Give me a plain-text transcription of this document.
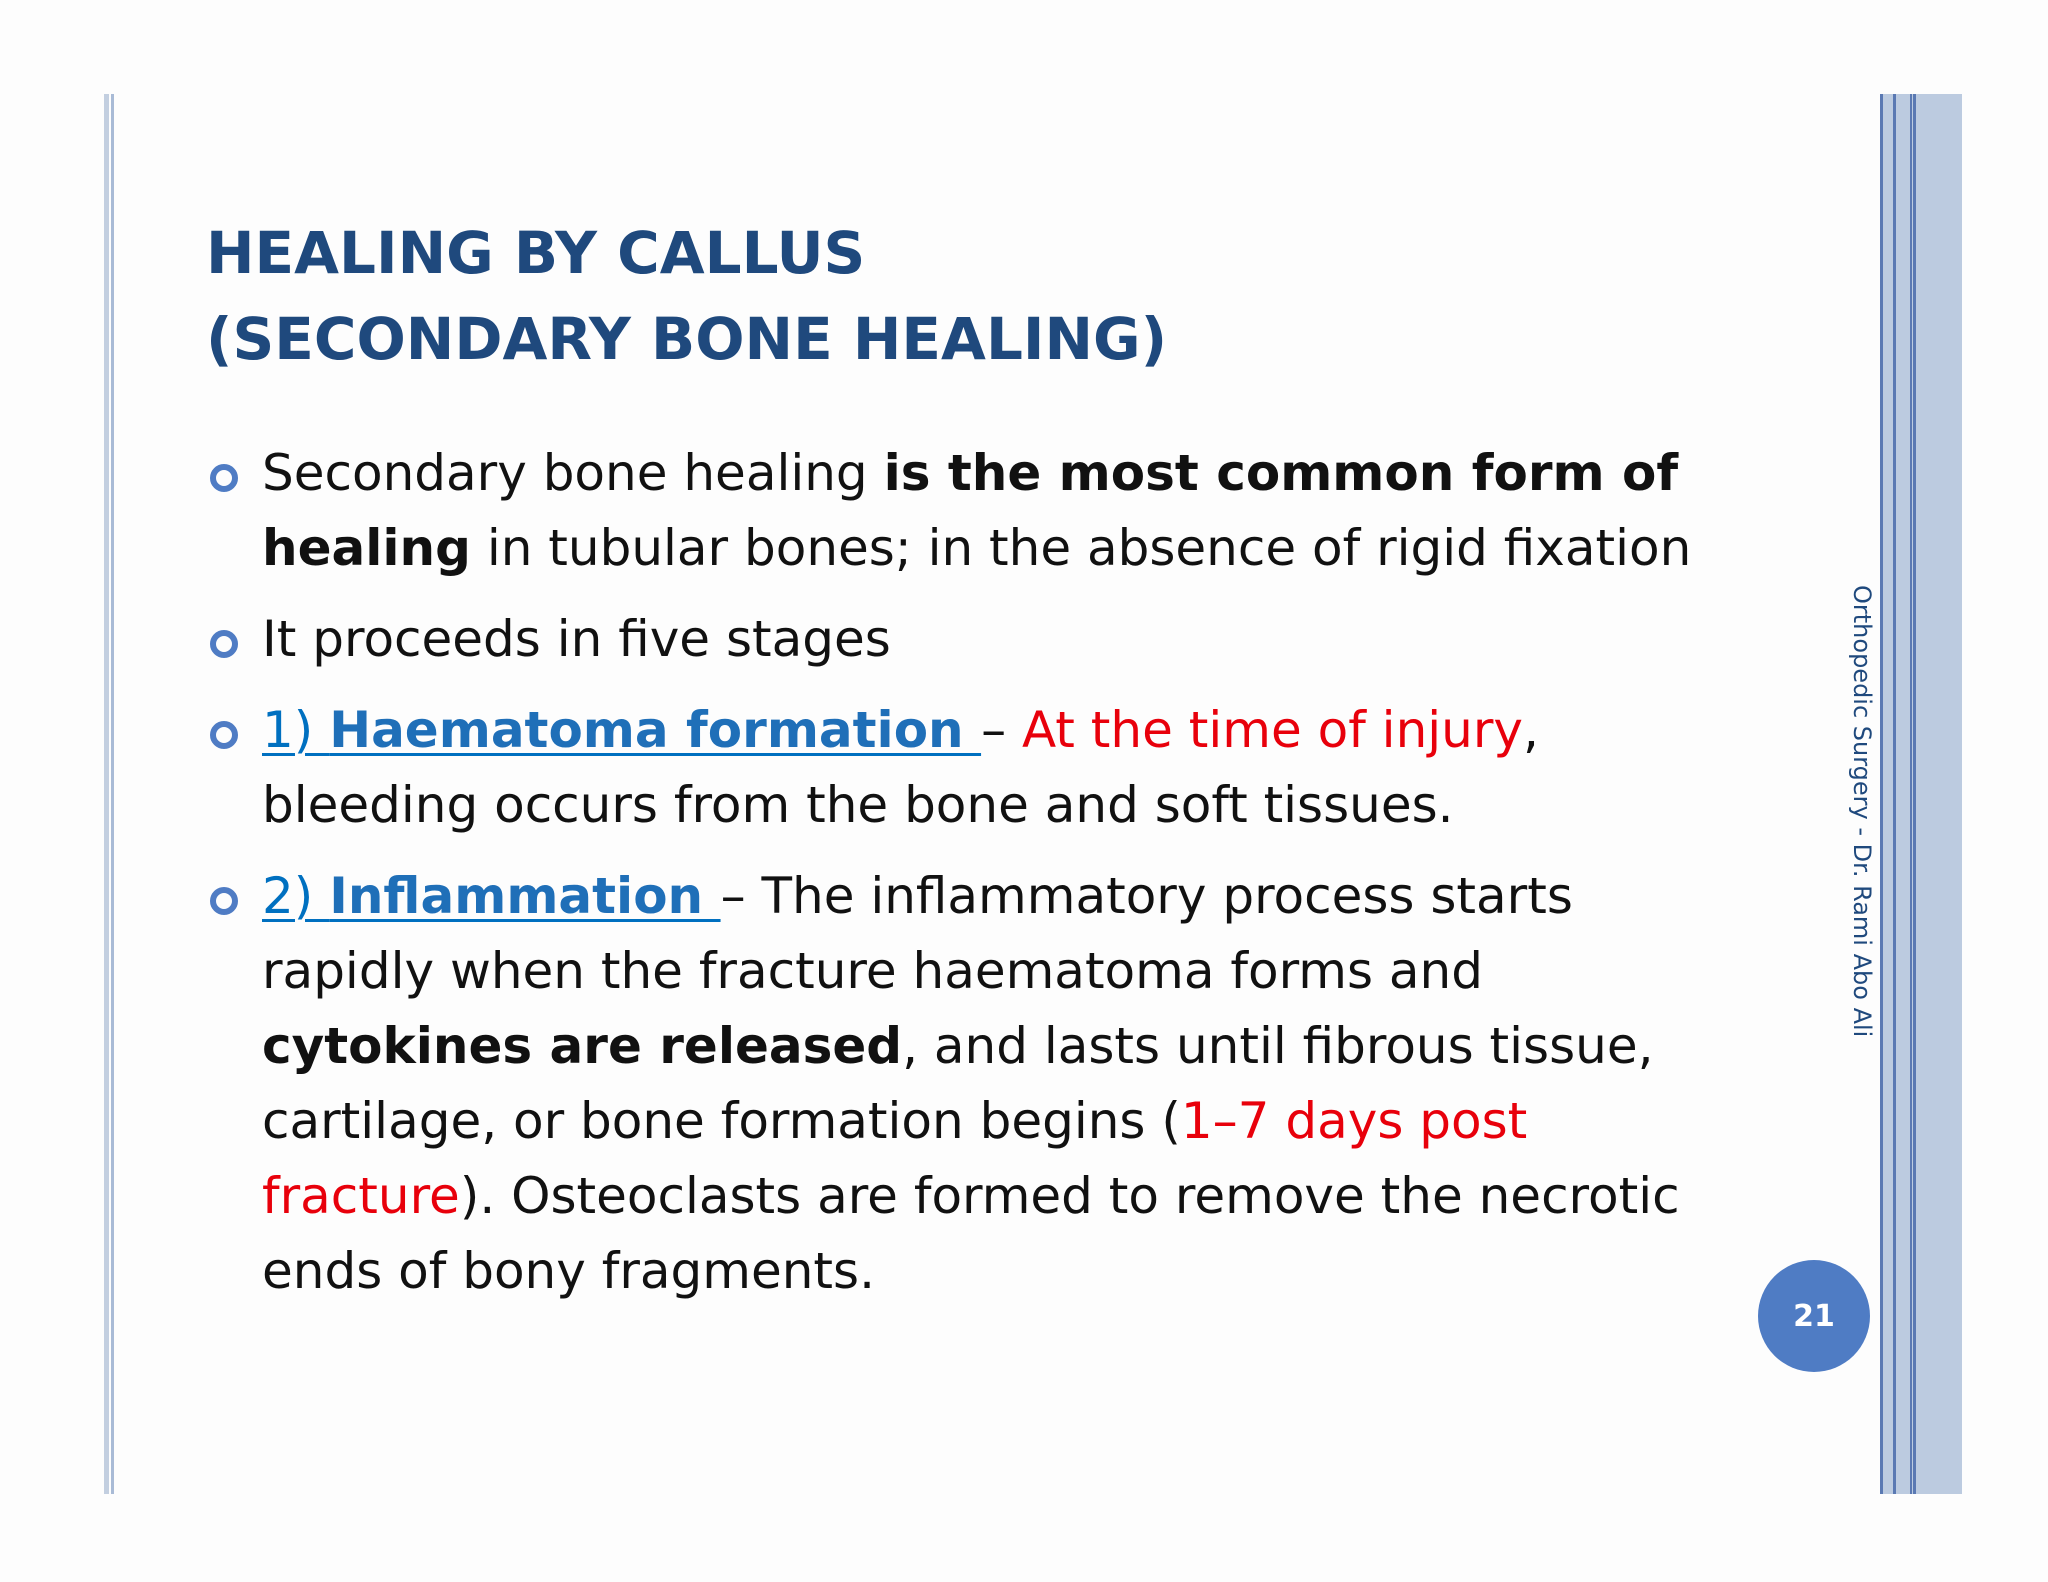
HEALING BY CALLUS
(SECONDARY BONE HEALING)
Secondary bone healing is the most common form of healing in tubular bones; in the absence of rigid fixation
It proceeds in five stages
1) Haematoma formation – At the time of injury, bleeding occurs from the bone and soft tissues.
2) Inflammation – The inflammatory process starts rapidly when the fracture haematoma forms and cytokines are released, and lasts until fibrous tissue, cartilage, or bone formation begins (1–7 days post fracture). Osteoclasts are formed to remove the necrotic ends of bony fragments.
Orthopedic Surgery - Dr. Rami Abo Ali
21
